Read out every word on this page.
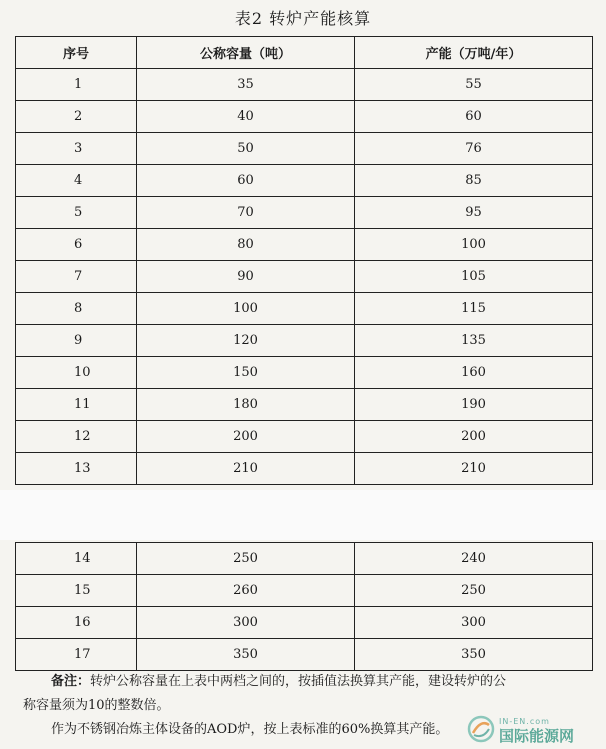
表2 转炉产能核算
序号	公称容量（吨）	产能（万吨/年）
1	35	55
2	40	60
3	50	76
4	60	85
5	70	95
6	80	100
7	90	105
8	100	115
9	120	135
10	150	160
11	180	190
12	200	200
13	210	210
14	250	240
15	260	250
16	300	300
17	350	350
备注：转炉公称容量在上表中两档之间的，按插值法换算其产能，建设转炉的公
称容量须为10的整数倍。
作为不锈钢冶炼主体设备的AOD炉，按上表标准的60%换算其产能。
IN-EN.com
国际能源网
